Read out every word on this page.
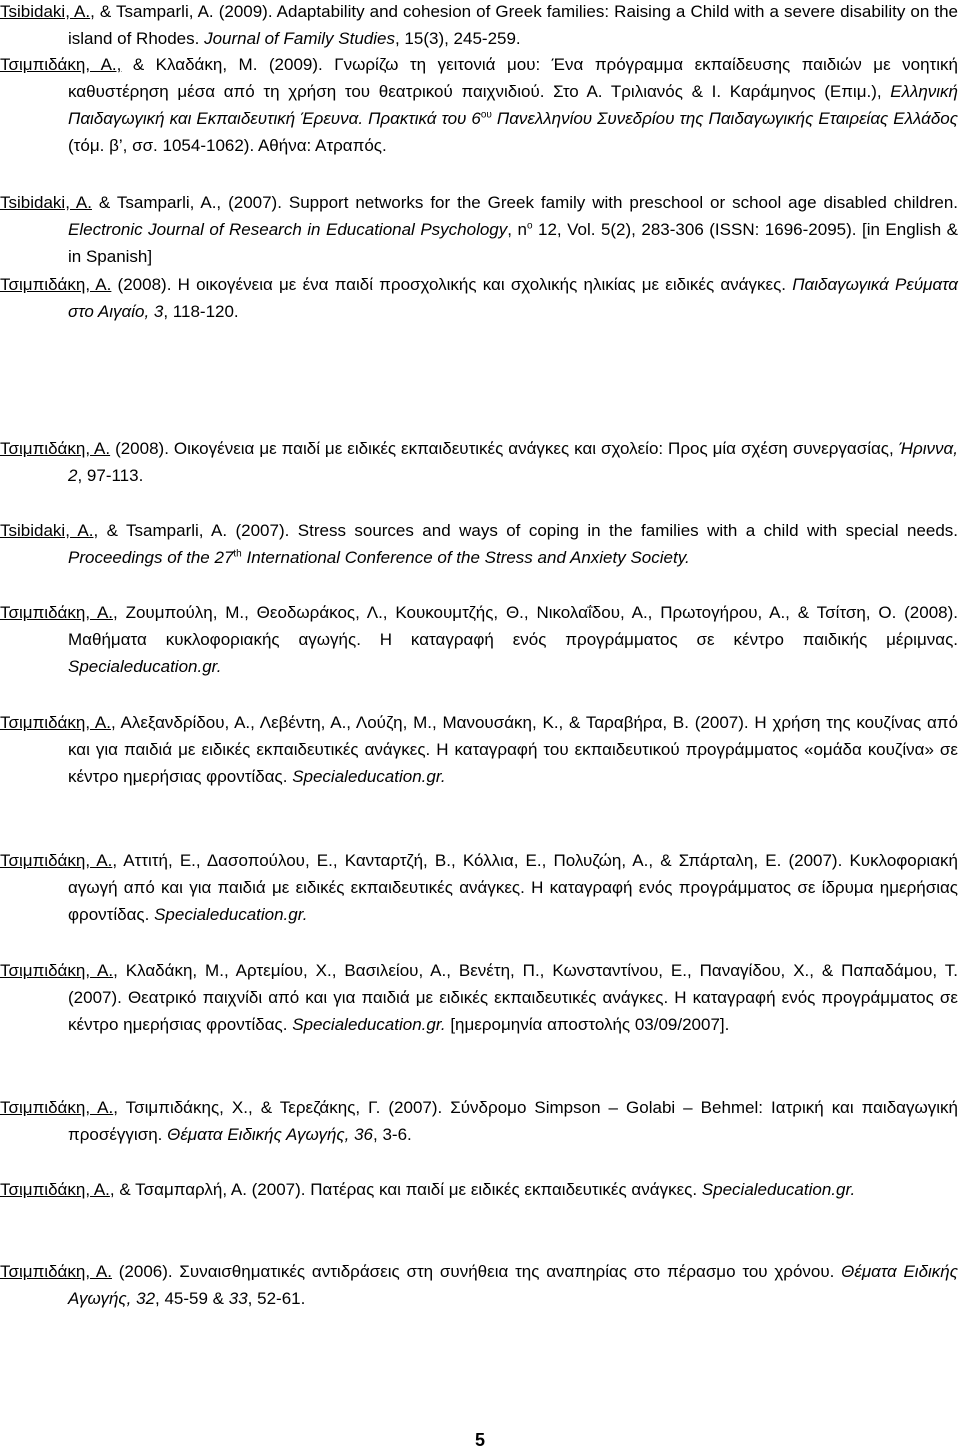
Tsibidaki, A., & Tsamparli, A. (2009). Adaptability and cohesion of Greek families: Raising a Child with a severe disability on the island of Rhodes. Journal of Family Studies, 15(3), 245-259.
Τσιμπιδάκη, Α., & Κλαδάκη, Μ. (2009). Γνωρίζω τη γειτονιά μου: Ένα πρόγραμμα εκπαίδευσης παιδιών με νοητική καθυστέρηση μέσα από τη χρήση του θεατρικού παιχνιδιού. Στο Α. Τριλιανός & Ι. Καράμηνος (Επιμ.), Ελληνική Παιδαγωγική και Εκπαιδευτική Έρευνα. Πρακτικά του $6^{o\upsilon}$ Πανελληνίου Συνεδρίου της Παιδαγωγικής Εταιρείας Ελλάδος (τόμ. β’, σσ. 1054-1062). Αθήνα: Ατραπός.
Tsibidaki, A. & Tsamparli, A., (2007). Support networks for the Greek family with preschool or school age disabled children. Electronic Journal of Research in Educational Psychology, $n^o$ 12, Vol. 5(2), 283-306 (ISSN: 1696-2095). [in English & in Spanish]
Τσιμπιδάκη, Α. (2008). Η οικογένεια με ένα παιδί προσχολικής και σχολικής ηλικίας με ειδικές ανάγκες. Παιδαγωγικά Ρεύματα στο Αιγαίο, 3, 118-120.
Τσιμπιδάκη, Α. (2008). Οικογένεια με παιδί με ειδικές εκπαιδευτικές ανάγκες και σχολείο: Προς μία σχέση συνεργασίας, Ήριννα, 2, 97-113.
Tsibidaki, A., & Tsamparli, A. (2007). Stress sources and ways of coping in the families with a child with special needs. Proceedings of the 27th International Conference of the Stress and Anxiety Society.
Τσιμπιδάκη, Α., Ζουμπούλη, Μ., Θεοδωράκος, Λ., Κουκουμτζής, Θ., Νικολαΐδου, Α., Πρωτογήρου, Α., & Τσίτση, Ο. (2008). Μαθήματα κυκλοφοριακής αγωγής. Η καταγραφή ενός προγράμματος σε κέντρο παιδικής μέριμνας. Specialeducation.gr.
Τσιμπιδάκη, Α., Αλεξανδρίδου, Α., Λεβέντη, Α., Λούζη, Μ., Μανουσάκη, Κ., & Ταραβήρα, Β. (2007). Η χρήση της κουζίνας από και για παιδιά με ειδικές εκπαιδευτικές ανάγκες. Η καταγραφή του εκπαιδευτικού προγράμματος «ομάδα κουζίνα» σε κέντρο ημερήσιας φροντίδας. Specialeducation.gr.
Τσιμπιδάκη, Α., Αττιτή, Ε., Δασοπούλου, Ε., Κανταρτζή, Β., Κόλλια, Ε., Πολυζώη, Α., & Σπάρταλη, Ε. (2007). Κυκλοφοριακή αγωγή από και για παιδιά με ειδικές εκπαιδευτικές ανάγκες. Η καταγραφή ενός προγράμματος σε ίδρυμα ημερήσιας φροντίδας. Specialeducation.gr.
Τσιμπιδάκη, Α., Κλαδάκη, Μ., Αρτεμίου, Χ., Βασιλείου, Α., Βενέτη, Π., Κωνσταντίνου, Ε., Παναγίδου, Χ., & Παπαδάμου, Τ. (2007). Θεατρικό παιχνίδι από και για παιδιά με ειδικές εκπαιδευτικές ανάγκες. Η καταγραφή ενός προγράμματος σε κέντρο ημερήσιας φροντίδας. Specialeducation.gr. [ημερομηνία αποστολής 03/09/2007].
Τσιμπιδάκη, Α., Τσιμπιδάκης, Χ., & Τερεζάκης, Γ. (2007). Σύνδρομο Simpson – Golabi – Behmel: Ιατρική και παιδαγωγική προσέγγιση. Θέματα Ειδικής Αγωγής, 36, 3-6.
Τσιμπιδάκη, Α., & Τσαμπαρλή, Α. (2007). Πατέρας και παιδί με ειδικές εκπαιδευτικές ανάγκες. Specialeducation.gr.
Τσιμπιδάκη, Α. (2006). Συναισθηματικές αντιδράσεις στη συνήθεια της αναπηρίας στο πέρασμο του χρόνου. Θέματα Ειδικής Αγωγής, 32, 45-59 & 33, 52-61.
5
